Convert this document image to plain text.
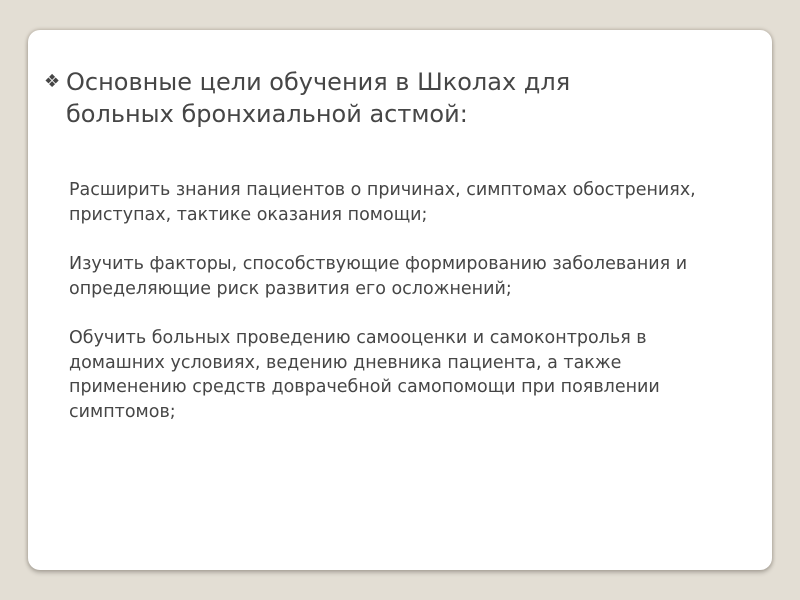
❖ Основные цели обучения в Школах для больных бронхиальной астмой:
Расширить знания пациентов о причинах, симптомах обострениях, приступах, тактике оказания помощи;
Изучить факторы, способствующие формированию заболевания и определяющие риск развития его осложнений;
Обучить больных проведению самооценки и самоконтролья в домашних условиях, ведению дневника пациента, а также применению средств доврачебной самопомощи при появлении симптомов;
